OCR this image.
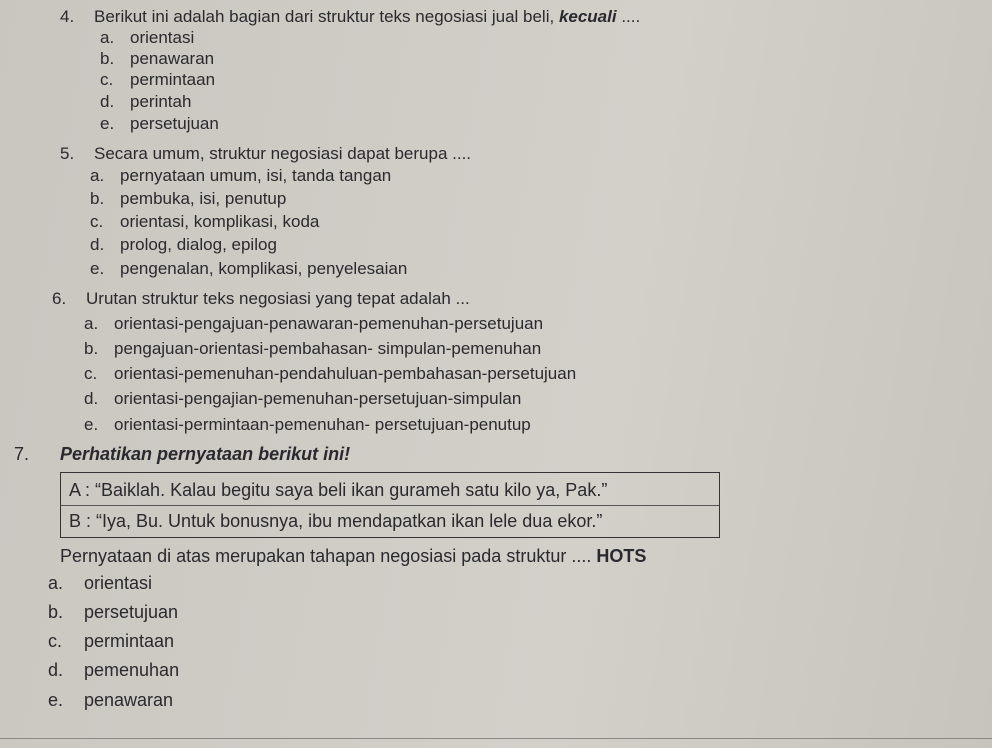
4. Berikut ini adalah bagian dari struktur teks negosiasi jual beli, kecuali ....
a. orientasi
b. penawaran
c. permintaan
d. perintah
e. persetujuan
5. Secara umum, struktur negosiasi dapat berupa ....
a. pernyataan umum, isi, tanda tangan
b. pembuka, isi, penutup
c. orientasi, komplikasi, koda
d. prolog, dialog, epilog
e. pengenalan, komplikasi, penyelesaian
6. Urutan struktur teks negosiasi yang tepat adalah ...
a. orientasi-pengajuan-penawaran-pemenuhan-persetujuan
b. pengajuan-orientasi-pembahasan- simpulan-pemenuhan
c. orientasi-pemenuhan-pendahuluan-pembahasan-persetujuan
d. orientasi-pengajian-pemenuhan-persetujuan-simpulan
e. orientasi-permintaan-pemenuhan- persetujuan-penutup
7. Perhatikan pernyataan berikut ini!
A : “Baiklah. Kalau begitu saya beli ikan gurameh satu kilo ya, Pak.”
B : “Iya, Bu. Untuk bonusnya, ibu mendapatkan ikan lele dua ekor.”
Pernyataan di atas merupakan tahapan negosiasi pada struktur .... HOTS
a. orientasi
b. persetujuan
c. permintaan
d. pemenuhan
e. penawaran
